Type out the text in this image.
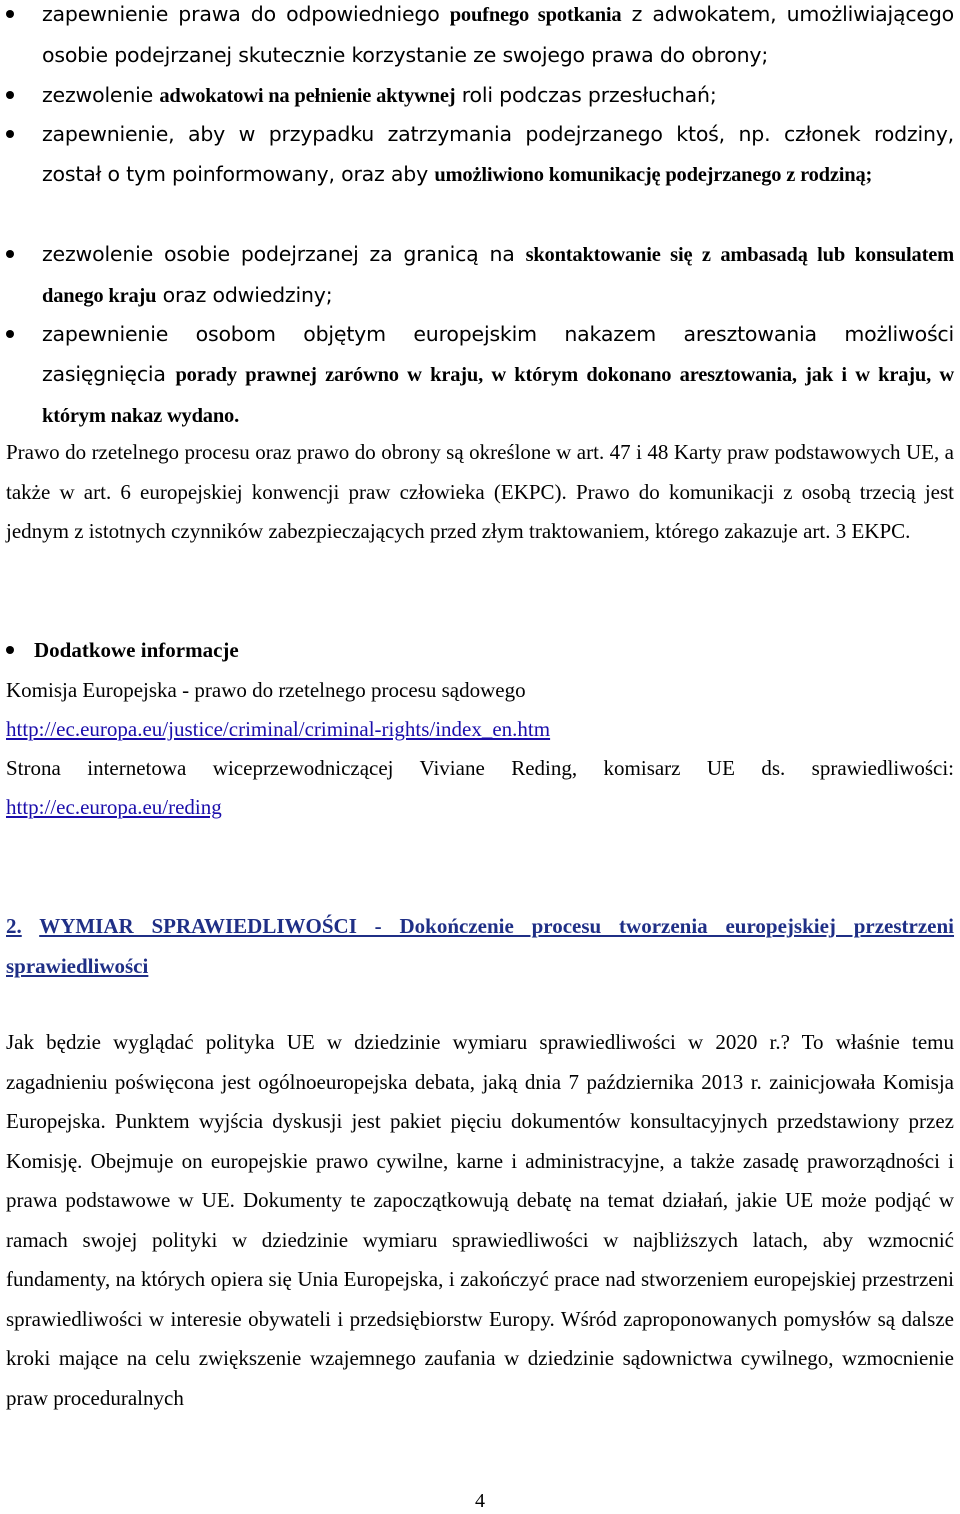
zapewnienie prawa do odpowiedniego poufnego spotkania z adwokatem, umożliwiającego osobie podejrzanej skutecznie korzystanie ze swojego prawa do obrony;

zezwolenie adwokatowi na pełnienie aktywnej roli podczas przesłuchań;

zapewnienie, aby w przypadku zatrzymania podejrzanego ktoś, np. członek rodziny, został o tym poinformowany, oraz aby umożliwiono komunikację podejrzanego z rodziną;

zezwolenie osobie podejrzanej za granicą na skontaktowanie się z ambasadą lub konsulatem danego kraju oraz odwiedziny;

zapewnienie osobom objętym europejskim nakazem aresztowania możliwości zasięgnięcia porady prawnej zarówno w kraju, w którym dokonano aresztowania, jak i w kraju, w którym nakaz wydano.

Prawo do rzetelnego procesu oraz prawo do obrony są określone w art. 47 i 48 Karty praw podstawowych UE, a także w art. 6 europejskiej konwencji praw człowieka (EKPC). Prawo do komunikacji z osobą trzecią jest jednym z istotnych czynników zabezpieczających przed złym traktowaniem, którego zakazuje art. 3 EKPC.

Dodatkowe informacje
Komisja Europejska - prawo do rzetelnego procesu sądowego
http://ec.europa.eu/justice/criminal/criminal-rights/index_en.htm
Strona internetowa wiceprzewodniczącej Viviane Reding, komisarz UE ds. sprawiedliwości:
http://ec.europa.eu/reding
2. WYMIAR SPRAWIEDLIWOŚCI - Dokończenie procesu tworzenia europejskiej przestrzeni sprawiedliwości

Jak będzie wyglądać polityka UE w dziedzinie wymiaru sprawiedliwości w 2020 r.? To właśnie temu zagadnieniu poświęcona jest ogólnoeuropejska debata, jaką dnia 7 października 2013 r. zainicjowała Komisja Europejska. Punktem wyjścia dyskusji jest pakiet pięciu dokumentów konsultacyjnych przedstawiony przez Komisję. Obejmuje on europejskie prawo cywilne, karne i administracyjne, a także zasadę praworządności i prawa podstawowe w UE. Dokumenty te zapoczątkowują debatę na temat działań, jakie UE może podjąć w ramach swojej polityki w dziedzinie wymiaru sprawiedliwości w najbliższych latach, aby wzmocnić fundamenty, na których opiera się Unia Europejska, i zakończyć prace nad stworzeniem europejskiej przestrzeni sprawiedliwości w interesie obywateli i przedsiębiorstw Europy. Wśród zaproponowanych pomysłów są dalsze kroki mające na celu zwiększenie wzajemnego zaufania w dziedzinie sądownictwa cywilnego, wzmocnienie praw proceduralnych

4
